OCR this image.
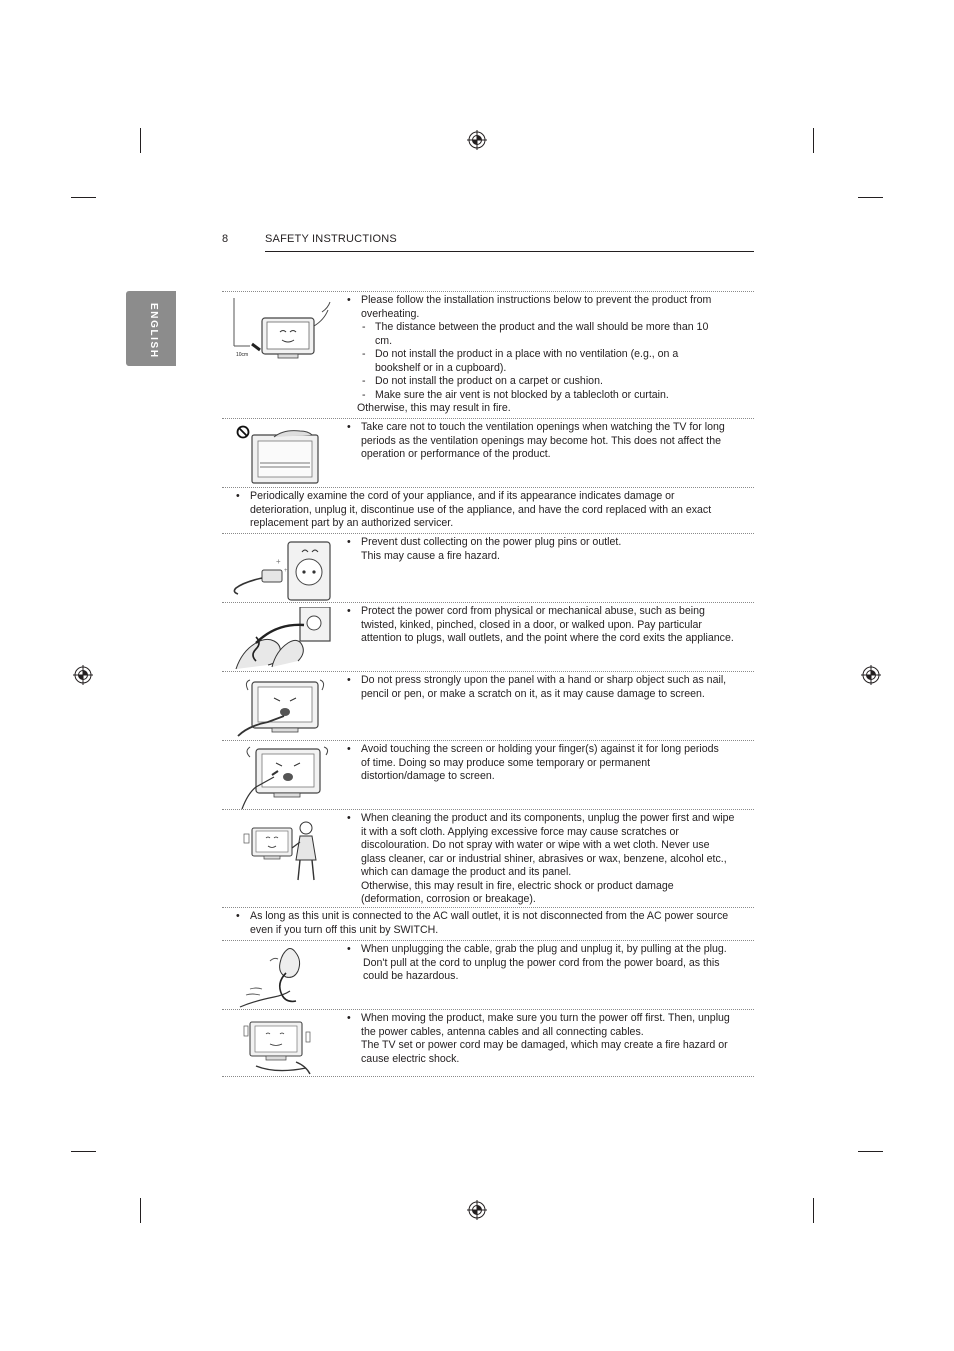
8	SAFETY INSTRUCTIONS
ENGLISH	10cm
• Please follow the installation instructions below to prevent the product from overheating.
- The distance between the product and the wall should be more than 10 cm.
- Do not install the product in a place with no ventilation (e.g., on a bookshelf or in a cupboard).
- Do not install the product on a carpet or cushion.
- Make sure the air vent is not blocked by a tablecloth or curtain.
Otherwise, this may result in fire.
• Take care not to touch the ventilation openings when watching the TV for long periods as the ventilation openings may become hot. This does not affect the operation or performance of the product.
• Periodically examine the cord of your appliance, and if its appearance indicates damage or deterioration, unplug it, discontinue use of the appliance, and have the cord replaced with an exact replacement part by an authorized servicer.
+
+
• Prevent dust collecting on the power plug pins or outlet.
This may cause a fire hazard.
• Protect the power cord from physical or mechanical abuse, such as being twisted, kinked, pinched, closed in a door, or walked upon. Pay particular attention to plugs, wall outlets, and the point where the cord exits the appliance.
• Do not press strongly upon the panel with a hand or sharp object such as nail, pencil or pen, or make a scratch on it, as it may cause damage to screen.
• Avoid touching the screen or holding your finger(s) against it for long periods of time. Doing so may produce some temporary or permanent distortion/damage to screen.
• When cleaning the product and its components, unplug the power first and wipe it with a soft cloth. Applying excessive force may cause scratches or discolouration. Do not spray with water or wipe with a wet cloth. Never use glass cleaner, car or industrial shiner, abrasives or wax, benzene, alcohol etc., which can damage the product and its panel.
Otherwise, this may result in fire, electric shock or product damage (deformation, corrosion or breakage).
• As long as this unit is connected to the AC wall outlet, it is not disconnected from the AC power source even if you turn off this unit by SWITCH.
• When unplugging the cable, grab the plug and unplug it, by pulling at the plug.
Don't pull at the cord to unplug the power cord from the power board, as this could be hazardous.
• When moving the product, make sure you turn the power off first. Then, unplug the power cables, antenna cables and all connecting cables.
The TV set or power cord may be damaged, which may create a fire hazard or cause electric shock.
